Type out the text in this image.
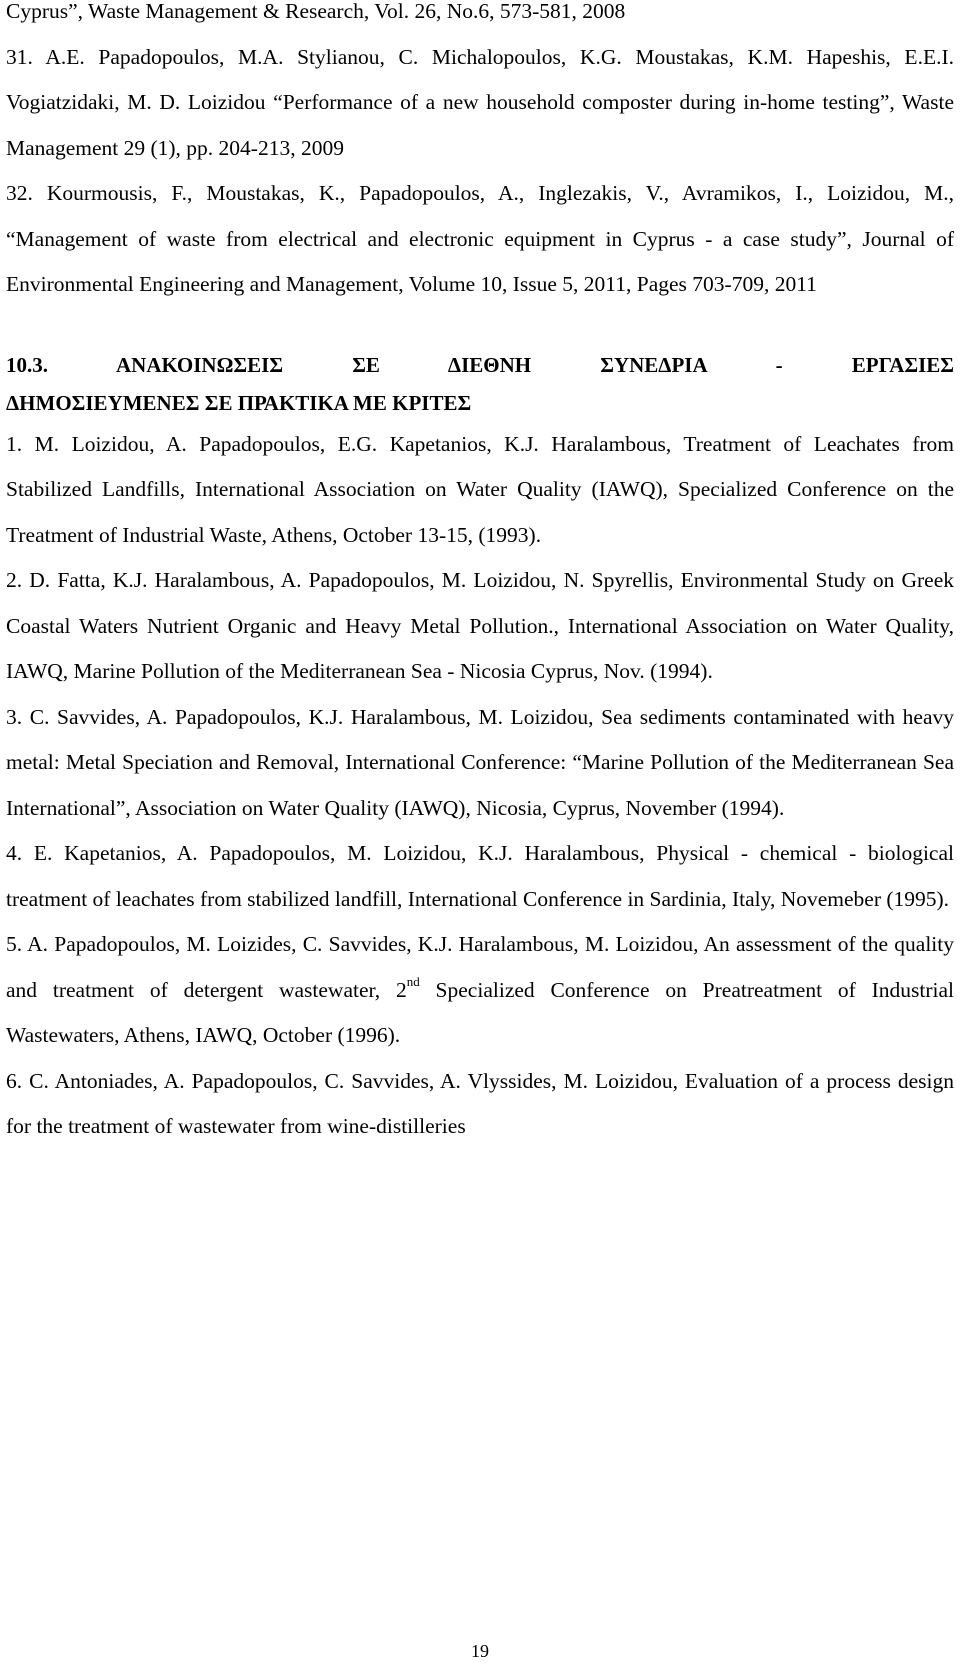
Cyprus”, Waste Management & Research, Vol. 26, No.6, 573-581, 2008

31. A.E. Papadopoulos, M.A. Stylianou, C. Michalopoulos, K.G. Moustakas, K.M. Hapeshis, E.E.I. Vogiatzidaki, M. D. Loizidou “Performance of a new household composter during in-home testing”, Waste Management 29 (1), pp. 204-213, 2009

32. Kourmousis, F., Moustakas, K., Papadopoulos, A., Inglezakis, V., Avramikos, I., Loizidou, M., “Management of waste from electrical and electronic equipment in Cyprus - a case study”, Journal of Environmental Engineering and Management, Volume 10, Issue 5, 2011, Pages 703-709, 2011

10.3. ΑΝΑΚΟΙΝΩΣΕΙΣ ΣΕ ΔΙΕΘΝΗ ΣΥΝΕΔΡΙΑ - ΕΡΓΑΣΙΕΣ
ΔΗΜΟΣΙΕΥΜΕΝΕΣ ΣΕ ΠΡΑΚΤΙΚΑ ΜΕ ΚΡΙΤΕΣ

1. M. Loizidou, A. Papadopoulos, E.G. Kapetanios, K.J. Haralambous, Treatment of Leachates from Stabilized Landfills, International Association on Water Quality (IAWQ), Specialized Conference on the Treatment of Industrial Waste, Athens, October 13-15, (1993).

2. D. Fatta, K.J. Haralambous, A. Papadopoulos, M. Loizidou, N. Spyrellis, Environmental Study on Greek Coastal Waters Nutrient Organic and Heavy Metal Pollution., International Association on Water Quality, IAWQ, Marine Pollution of the Mediterranean Sea - Nicosia Cyprus, Nov. (1994).

3. C. Savvides, A. Papadopoulos, K.J. Haralambous, M. Loizidou, Sea sediments contaminated with heavy metal: Metal Speciation and Removal, International Conference: “Marine Pollution of the Mediterranean Sea International”, Association on Water Quality (IAWQ), Nicosia, Cyprus, November (1994).

4. E. Kapetanios, A. Papadopoulos, M. Loizidou, K.J. Haralambous, Physical - chemical - biological treatment of leachates from stabilized landfill, International Conference in Sardinia, Italy, Novemeber (1995).

5. A. Papadopoulos, M. Loizides, C. Savvides, K.J. Haralambous, M. Loizidou, An assessment of the quality and treatment of detergent wastewater, 2nd Specialized Conference on Preatreatment of Industrial Wastewaters, Athens, IAWQ, October (1996).

6. C. Antoniades, A. Papadopoulos, C. Savvides, A. Vlyssides, M. Loizidou, Evaluation of a process design for the treatment of wastewater from wine-distilleries

19
